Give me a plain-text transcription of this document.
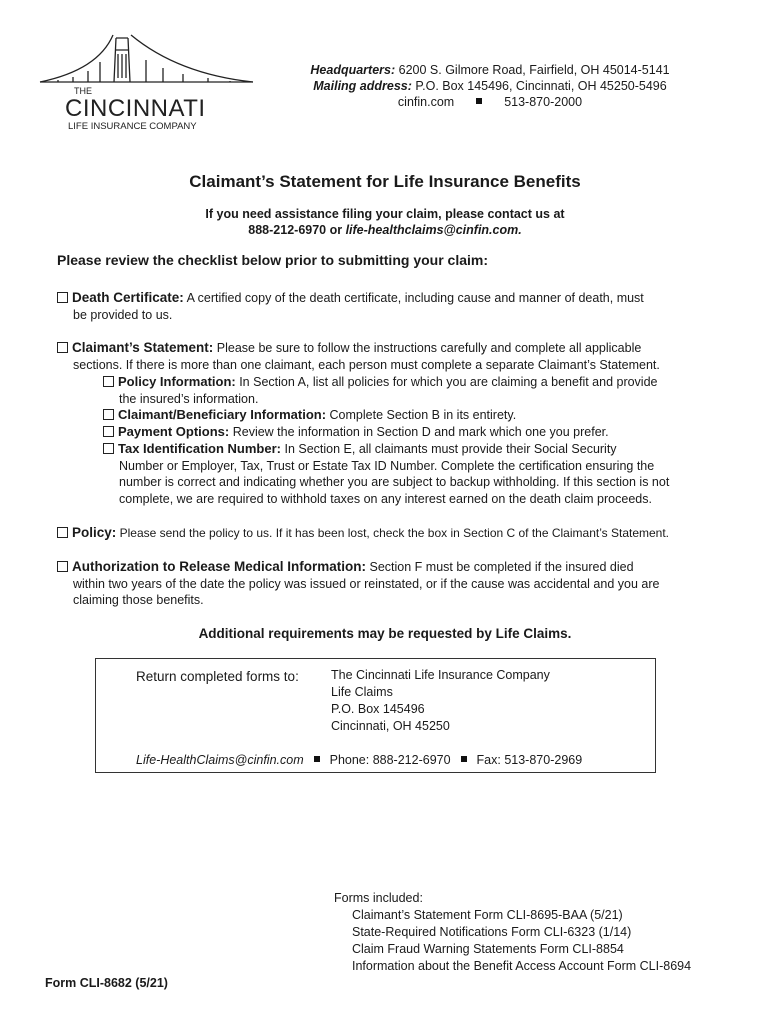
THE
CINCINNATI
LIFE INSURANCE COMPANY
Headquarters: 6200 S. Gilmore Road, Fairfield, OH 45014-5141
Mailing address: P.O. Box 145496, Cincinnati, OH 45250-5496
cinfin.com	513-870-2000
Claimant’s Statement for Life Insurance Benefits
If you need assistance filing your claim, please contact us at
888-212-6970 or life-healthclaims@cinfin.com.
Please review the checklist below prior to submitting your claim:
Death Certificate: A certified copy of the death certificate, including cause and manner of death, must
be provided to us.
Claimant’s Statement: Please be sure to follow the instructions carefully and complete all applicable
sections. If there is more than one claimant, each person must complete a separate Claimant’s Statement.
Policy Information: In Section A, list all policies for which you are claiming a benefit and provide
the insured’s information.
Claimant/Beneficiary Information: Complete Section B in its entirety.
Payment Options: Review the information in Section D and mark which one you prefer.
Tax Identification Number: In Section E, all claimants must provide their Social Security
Number or Employer, Tax, Trust or Estate Tax ID Number. Complete the certification ensuring the
number is correct and indicating whether you are subject to backup withholding. If this section is not
complete, we are required to withhold taxes on any interest earned on the death claim proceeds.
Policy: Please send the policy to us. If it has been lost, check the box in Section C of the Claimant’s Statement.
Authorization to Release Medical Information: Section F must be completed if the insured died
within two years of the date the policy was issued or reinstated, or if the cause was accidental and you are
claiming those benefits.
Additional requirements may be requested by Life Claims.
Return completed forms to:	The Cincinnati Life Insurance Company
Life Claims
P.O. Box 145496
Cincinnati, OH 45250
Life-HealthClaims@cinfin.com Phone: 888-212-6970 Fax: 513-870-2969
Forms included:
Claimant’s Statement Form CLI-8695-BAA (5/21)
State-Required Notifications Form CLI-6323 (1/14)
Claim Fraud Warning Statements Form CLI-8854
Information about the Benefit Access Account Form CLI-8694
Form CLI-8682 (5/21)
